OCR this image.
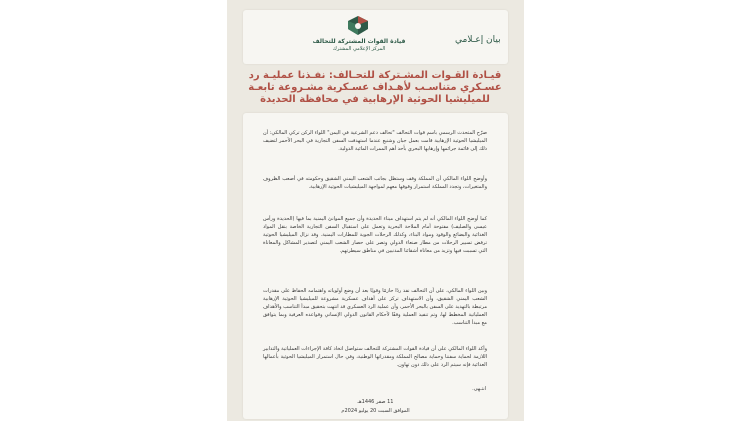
قيادة القوات المشتركة للتحالف
المركز الإعلامي المشترك
بيان إعـلامي
قيـادة القـوات المشـتركة للتحـالف: نفـذنا عمليـة رد عسـكري متناسـب لأهـداف عسـكرية مشـروعة تابعـة للميليشيا الحوثية الإرهابية في محافظة الحديدة

صرّح المتحدث الرسمي باسم قوات التحالف "تحالف دعم الشرعية في اليمن" اللواء الركن تركي المالكي: أن الميليشيا الحوثية الإرهابية قامت بعمل جبان وشنيع عندما استهدفت السفن التجارية في البحر الأحمر لتضيف ذلك إلى قائمة جرائمها وإرهابها البحري بأحد أهم الممرات المائية الدولية.

وأوضح اللواء المالكي أن المملكة وقف وستظل بجانب الشعب اليمني الشقيق وحكومته في أصعب الظروف والمتغيرات، وتجدد المملكة استمرار وقوفها معهم لمواجهة الميليشيات الحوثية الإرهابية.

كما أوضح اللواء المالكي أنه لم يتم استهداف ميناء الحديدة وأن جميع الموانئ اليمنية بما فيها (الحديدة ورأس عيسى والصليف) مفتوحة أمام الملاحة البحرية وتعمل على استقبال السفن التجارية الخاصة بنقل المواد الغذائية والبضائع والوقود ومواد البناء، وكذلك الرحلات الجوية للمطارات اليمنية. وقد نزال الميليشيا الحوثية ترفض تسيير الرحلات من مطار صنعاء الدولي وتصر على حصار الشعب اليمني لتصدير المشاكل والمعاناة التي تسببت فيها وتزيد من معاناة أشقائنا المدنيين في مناطق سيطرتهم.

وبين اللواء المالكي، على أن التحالف نفذ ردًا حازمًا وقويًا بعد أن وضع أولوياته واهتمامه الحفاظ على مقدرات الشعب اليمني الشقيق، وأن الاستهداف تركز على أهداف عسكرية مشروعة للميليشيا الحوثية الإرهابية مرتبطة بالتهديد على السفن بالبحر الأحمر، وأن عملية الرد العسكري قد انتهت بتحقيق مبدأ التناسب والأهداف العملياتية المخطط لها، وتم تنفيذ العملية وفقًا لأحكام القانون الدولي الإنساني وقواعده العرفية وبما يتوافق مع مبدأ التناسب.

وأكد اللواء المالكي على أن قيادة القوات المشتركة للتحالف ستواصل اتخاذ كافة الإجراءات العملياتية والتدابير اللازمة لحماية سفننا وحماية مصالح المملكة ومقدراتها الوطنية، وفي حال استمرار الميليشيا الحوثية بأعمالها العدائية فإنه سيتم الرد على ذلك دون تهاون.

انتـهى.
11 صفر 1446هـ
الموافق السبت 20 يوليو 2024م
